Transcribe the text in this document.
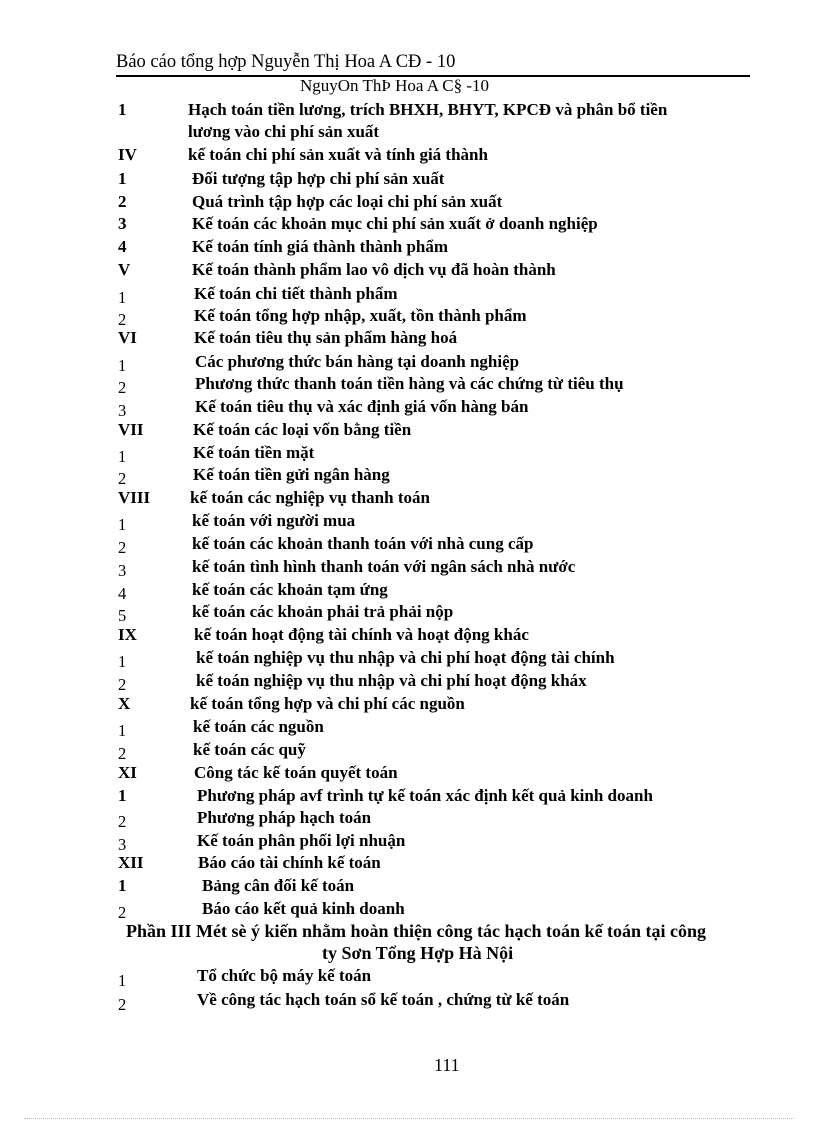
Báo cáo tổng hợp Nguyễn Thị Hoa A CĐ - 10
NguyOn ThÞ Hoa A C§ -10
1	Hạch toán tiền lương, trích BHXH, BHYT, KPCĐ và phân bổ tiền
lương vào chi phí sản xuất
IV	kế toán chi phí sản xuất và tính giá thành
1	Đối tượng tập hợp chi phí sản xuất
2	Quá trình tập hợp các loại chi phí sản xuất
3	Kế toán các khoản mục chi phí sản xuất ở doanh nghiệp
4	Kế toán tính giá thành thành phẩm
V	Kế toán thành phẩm lao vô dịch vụ đã hoàn thành
1	Kế toán chi tiết thành phẩm
2	Kế toán tổng hợp nhập, xuất, tồn thành phẩm
VI	Kế toán tiêu thụ sản phẩm hàng hoá
1	Các phương thức bán hàng tại doanh nghiệp
2	Phương thức thanh toán tiền hàng và các chứng từ tiêu thụ
3	Kế toán tiêu thụ và xác định giá vốn hàng bán
VII	Kế toán các loại vốn bằng tiền
1	Kế toán tiền mặt
2	Kế toán tiền gửi ngân hàng
VIII kế toán các nghiệp vụ thanh toán
1	kế toán với người mua
2	kế toán các khoản thanh toán với nhà cung cấp
3	kế toán tình hình thanh toán với ngân sách nhà nước
4	kế toán các khoản tạm ứng
5	kế toán các khoản phải trả phải nộp
IX	kế toán hoạt động tài chính và hoạt động khác
1	kế toán nghiệp vụ thu nhập và chi phí hoạt động tài chính
2	kế toán nghiệp vụ thu nhập và chi phí hoạt động kháx
X	kế toán tổng hợp và chi phí các nguồn
1	kế toán các nguồn
2	kế toán các quỹ
XI	Công tác kế toán quyết toán
1	Phương pháp avf trình tự kế toán xác định kết quả kinh doanh
2	Phương pháp hạch toán
3	Kế toán phân phối lợi nhuận
XII	Báo cáo tài chính kế toán
1	Bảng cân đối kế toán
2	Báo cáo kết quả kinh doanh
Phần III Mét sè ý kiến nhằm hoàn thiện công tác hạch toán kế toán tại công
ty Sơn Tổng Hợp Hà Nội
1	Tổ chức bộ máy kế toán
2	Về công tác hạch toán sổ kế toán , chứng từ kế toán
111
